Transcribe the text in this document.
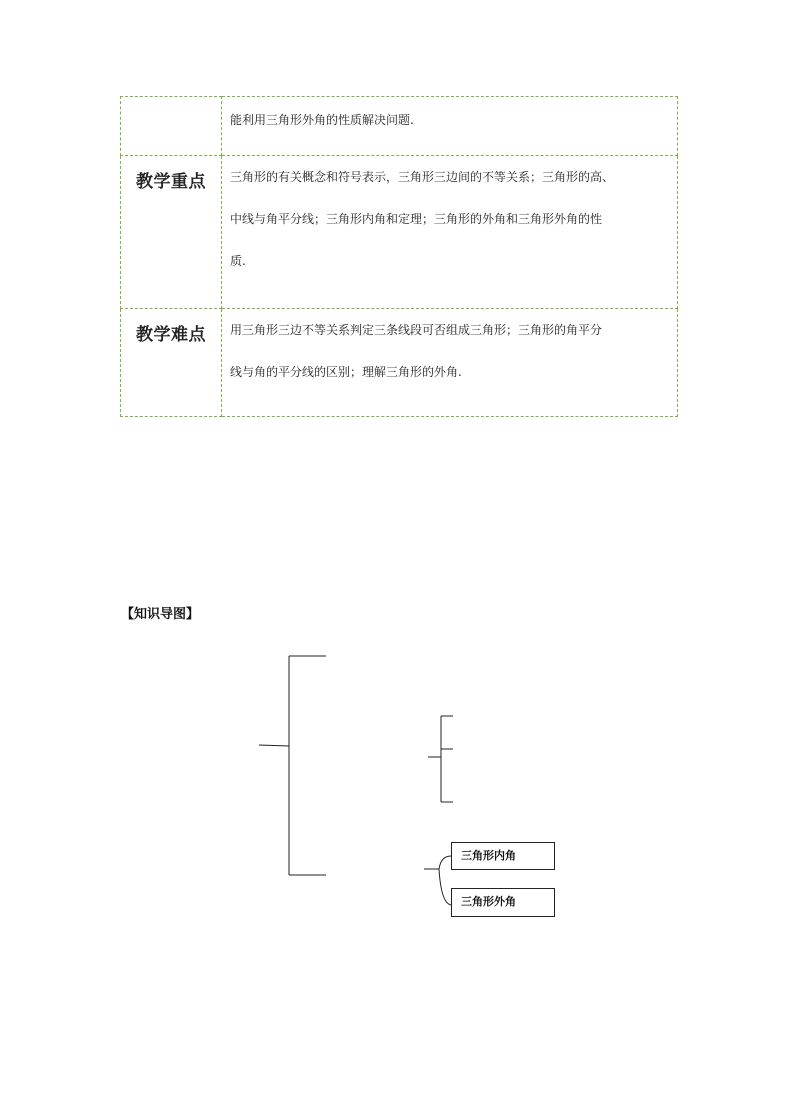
	能利用三角形外角的性质解决问题.

教学重点	三角形的有关概念和符号表示，三角形三边间的不等关系；三角形的高、

中线与角平分线；三角形内角和定理；三角形的外角和三角形外角的性

质.

教学难点	用三角形三边不等关系判定三条线段可否组成三角形；三角形的角平分

线与角的平分线的区别；理解三角形的外角.

【知识导图】
三角形内角
三角形外角
